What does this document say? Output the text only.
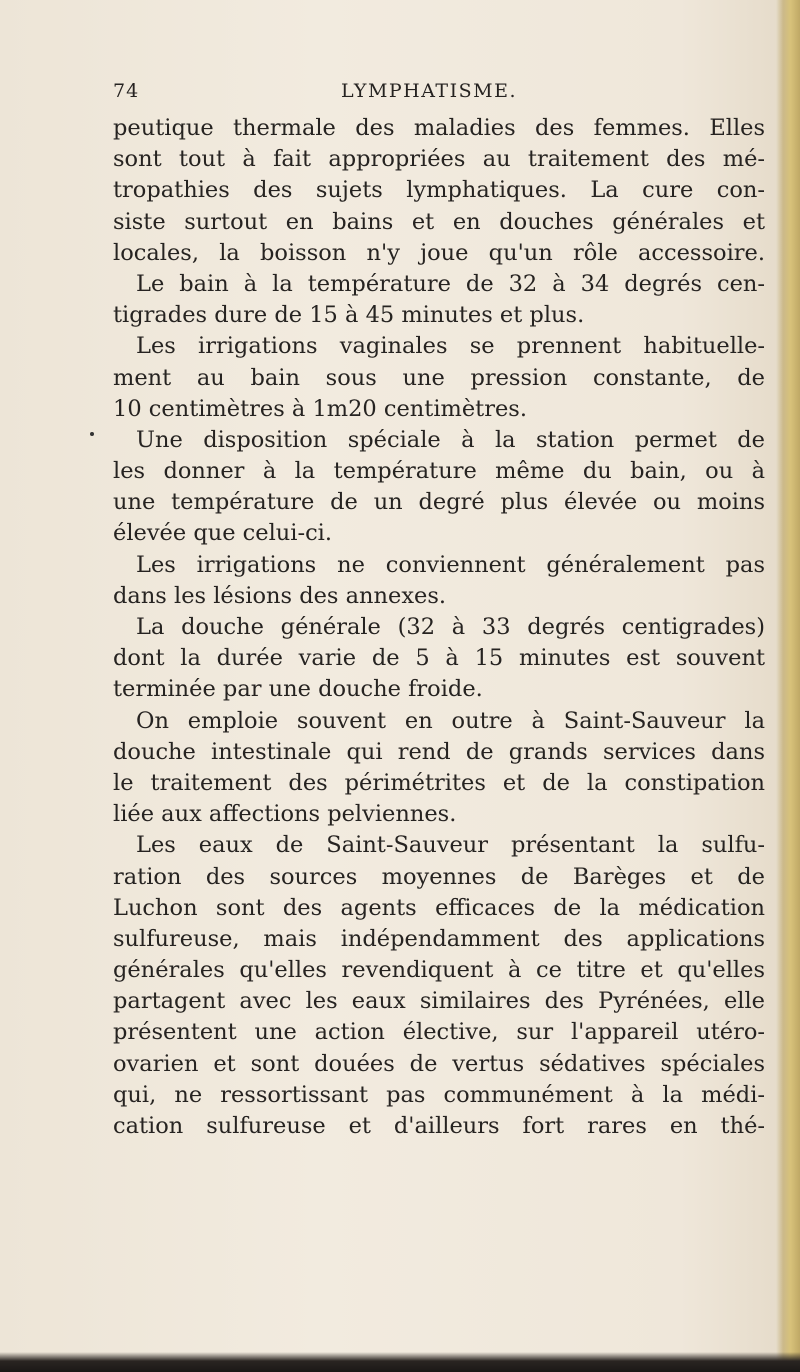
74	LYMPHATISME.
peutique thermale des maladies des femmes. Elles
sont tout à fait appropriées au traitement des mé-
tropathies des sujets lymphatiques. La cure con-
siste surtout en bains et en douches générales et
locales, la boisson n'y joue qu'un rôle accessoire.
Le bain à la température de 32 à 34 degrés cen-
tigrades dure de 15 à 45 minutes et plus.
Les irrigations vaginales se prennent habituelle-
ment au bain sous une pression constante, de
10 centimètres à 1m20 centimètres.
Une disposition spéciale à la station permet de
les donner à la température même du bain, ou à
une température de un degré plus élevée ou moins
élevée que celui-ci.
Les irrigations ne conviennent généralement pas
dans les lésions des annexes.
La douche générale (32 à 33 degrés centigrades)
dont la durée varie de 5 à 15 minutes est souvent
terminée par une douche froide.
On emploie souvent en outre à Saint-Sauveur la
douche intestinale qui rend de grands services dans
le traitement des périmétrites et de la constipation
liée aux affections pelviennes.
Les eaux de Saint-Sauveur présentant la sulfu-
ration des sources moyennes de Barèges et de
Luchon sont des agents efficaces de la médication
sulfureuse, mais indépendamment des applications
générales qu'elles revendiquent à ce titre et qu'elles
partagent avec les eaux similaires des Pyrénées, elle
présentent une action élective, sur l'appareil utéro-
ovarien et sont douées de vertus sédatives spéciales
qui, ne ressortissant pas communément à la médi-
cation sulfureuse et d'ailleurs fort rares en thé-
